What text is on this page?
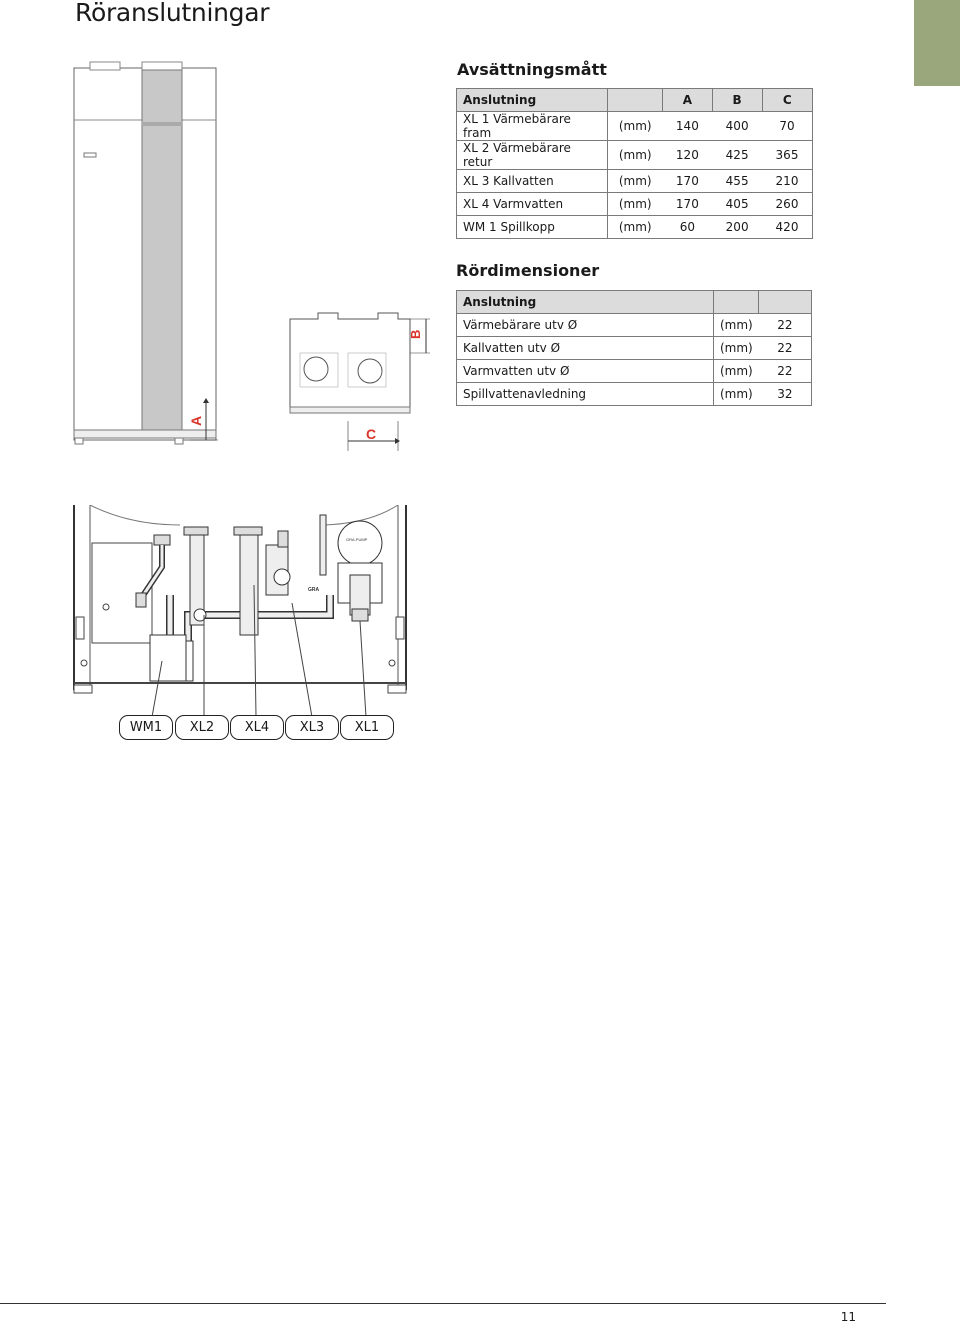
Röranslutningar
Avsättningsmått
Anslutning		A	B	C
XL 1 Värmebärare fram	(mm)	140	400	70
XL 2 Värmebärare retur	(mm)	120	425	365
XL 3 Kallvatten	(mm)	170	455	210
XL 4 Varmvatten	(mm)	170	405	260
WM 1 Spillkopp	(mm)	60	200	420
Rördimensioner
Anslutning		
Värmebärare utv Ø	(mm)	22
Kallvatten utv Ø	(mm)	22
Varmvatten utv Ø	(mm)	22
Spillvattenavledning	(mm)	32
A
B
C
GRA.PUMP
GRA
WM1	XL2	XL4	XL3	XL1
11
